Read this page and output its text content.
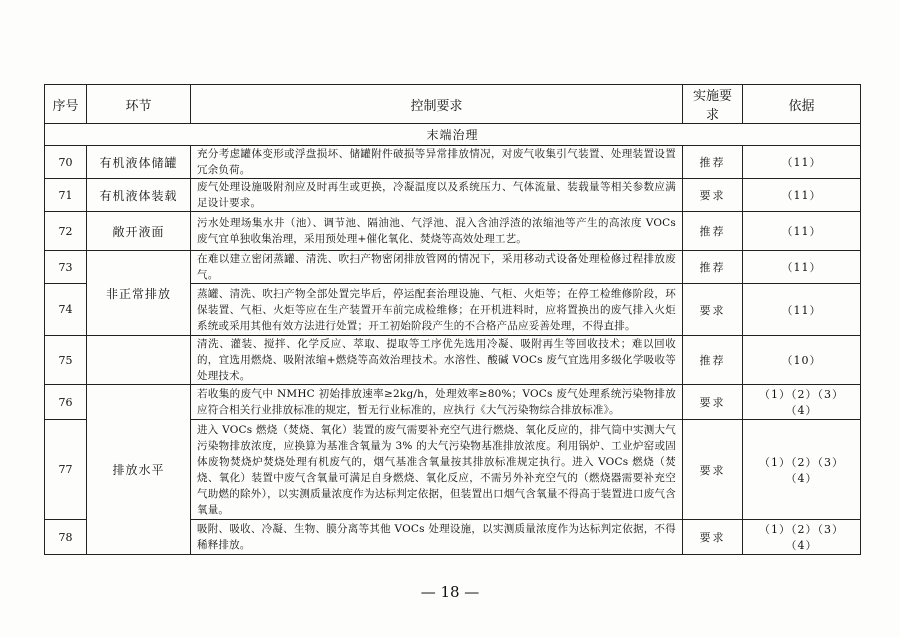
序号	环节	控制要求	实施要求	依据
末端治理				
70	有机液体储罐	充分考虑罐体变形或浮盘损坏、储罐附件破损等异常排放情况，对废气收集引气装置、处理装置设置冗余负荷。	推荐	（11）
71	有机液体装载	废气处理设施吸附剂应及时再生或更换，冷凝温度以及系统压力、气体流量、装载量等相关参数应满足设计要求。	要求	（11）
72	敞开液面	污水处理场集水井（池）、调节池、隔油池、气浮池、混入含油浮渣的浓缩池等产生的高浓度 VOCs 废气宜单独收集治理，采用预处理+催化氧化、焚烧等高效处理工艺。	推荐	（11）
73	非正常排放	在难以建立密闭蒸罐、清洗、吹扫产物密闭排放管网的情况下，采用移动式设备处理检修过程排放废气。	推荐	（11）
74		蒸罐、清洗、吹扫产物全部处置完毕后，停运配套治理设施、气柜、火炬等；在停工检维修阶段，环保装置、气柜、火炬等应在生产装置开车前完成检维修；在开机进料时，应将置换出的废气排入火炬系统或采用其他有效方法进行处置；开工初始阶段产生的不合格产品应妥善处理，不得直排。	要求	（11）
75		清洗、灌装、搅拌、化学反应、萃取、提取等工序优先选用冷凝、吸附再生等回收技术；难以回收的，宜选用燃烧、吸附浓缩+燃烧等高效治理技术。水溶性、酸碱 VOCs 废气宜选用多级化学吸收等处理技术。	推荐	（10）
76	排放水平	若收集的废气中 NMHC 初始排放速率≥2kg/h，处理效率≥80%；VOCs 废气处理系统污染物排放应符合相关行业排放标准的规定，暂无行业标准的，应执行《大气污染物综合排放标准》。	要求	（1）（2）（3）（4）
77		进入 VOCs 燃烧（焚烧、氧化）装置的废气需要补充空气进行燃烧、氧化反应的，排气筒中实测大气污染物排放浓度，应换算为基准含氧量为 3% 的大气污染物基准排放浓度。利用锅炉、工业炉窑或固体废物焚烧炉焚烧处理有机废气的，烟气基准含氧量按其排放标准规定执行。进入 VOCs 燃烧（焚烧、氧化）装置中废气含氧量可满足自身燃烧、氧化反应，不需另外补充空气的（燃烧器需要补充空气助燃的除外），以实测质量浓度作为达标判定依据，但装置出口烟气含氧量不得高于装置进口废气含氧量。	要求	（1）（2）（3）（4）
78		吸附、吸收、冷凝、生物、膜分离等其他 VOCs 处理设施，以实测质量浓度作为达标判定依据，不得稀释排放。	要求	（1）（2）（3）（4）
— 18 —
